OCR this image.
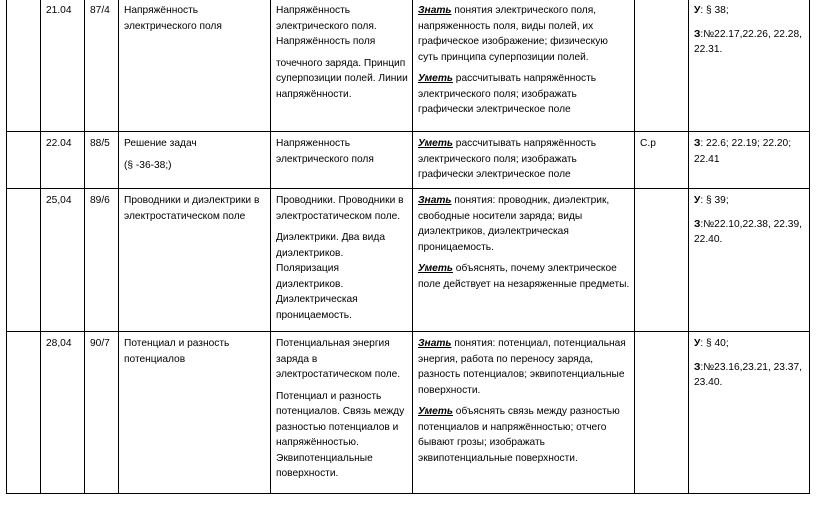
	21.04	87/4	Напряжённость электрического поля	Напряжённость электрического поля. Напряжённость поля
точечного заряда. Принцип суперпозиции полей. Линии напряжённости.	Знать понятия электрического поля, напряженность поля, виды полей, их графическое изображение; физическую суть принципа суперпозиции полей.
Уметь рассчитывать напряжённость электрического поля; изображать графически электрическое поле		У: § 38;
З:№22.17,22.26, 22.28, 22.31.

	22.04	88/5	Решение задач
(§ -36-38;)	Напряженность электрического поля	Уметь рассчитывать напряжённость электрического поля; изображать графически электрическое поле	С.р	З: 22.6; 22.19; 22.20; 22.41

	25,04	89/6	Проводники и диэлектрики в электростатическом поле	Проводники. Проводники в электростатическом поле.
Диэлектрики. Два вида диэлектриков. Поляризация диэлектриков. Диэлектрическая проницаемость.	Знать понятия: проводник, диэлектрик, свободные носители заряда; виды диэлектриков, диэлектрическая проницаемость.
Уметь объяснять, почему электрическое поле действует на незаряженные предметы.		У: § 39;
З:№22.10,22.38, 22.39, 22.40.

	28,04	90/7	Потенциал и разность потенциалов	Потенциальная энергия заряда в электростатическом поле.
Потенциал и разность потенциалов. Связь между разностью потенциалов и напряжённостью. Эквипотенциальные поверхности.	Знать понятия: потенциал, потенциальная энергия, работа по переносу заряда, разность потенциалов; эквипотенциальные поверхности.
Уметь объяснять связь между разностью потенциалов и напряжённостью; отчего бывают грозы; изображать эквипотенциальные поверхности.		У: § 40;
З:№23.16,23.21, 23.37, 23.40.
